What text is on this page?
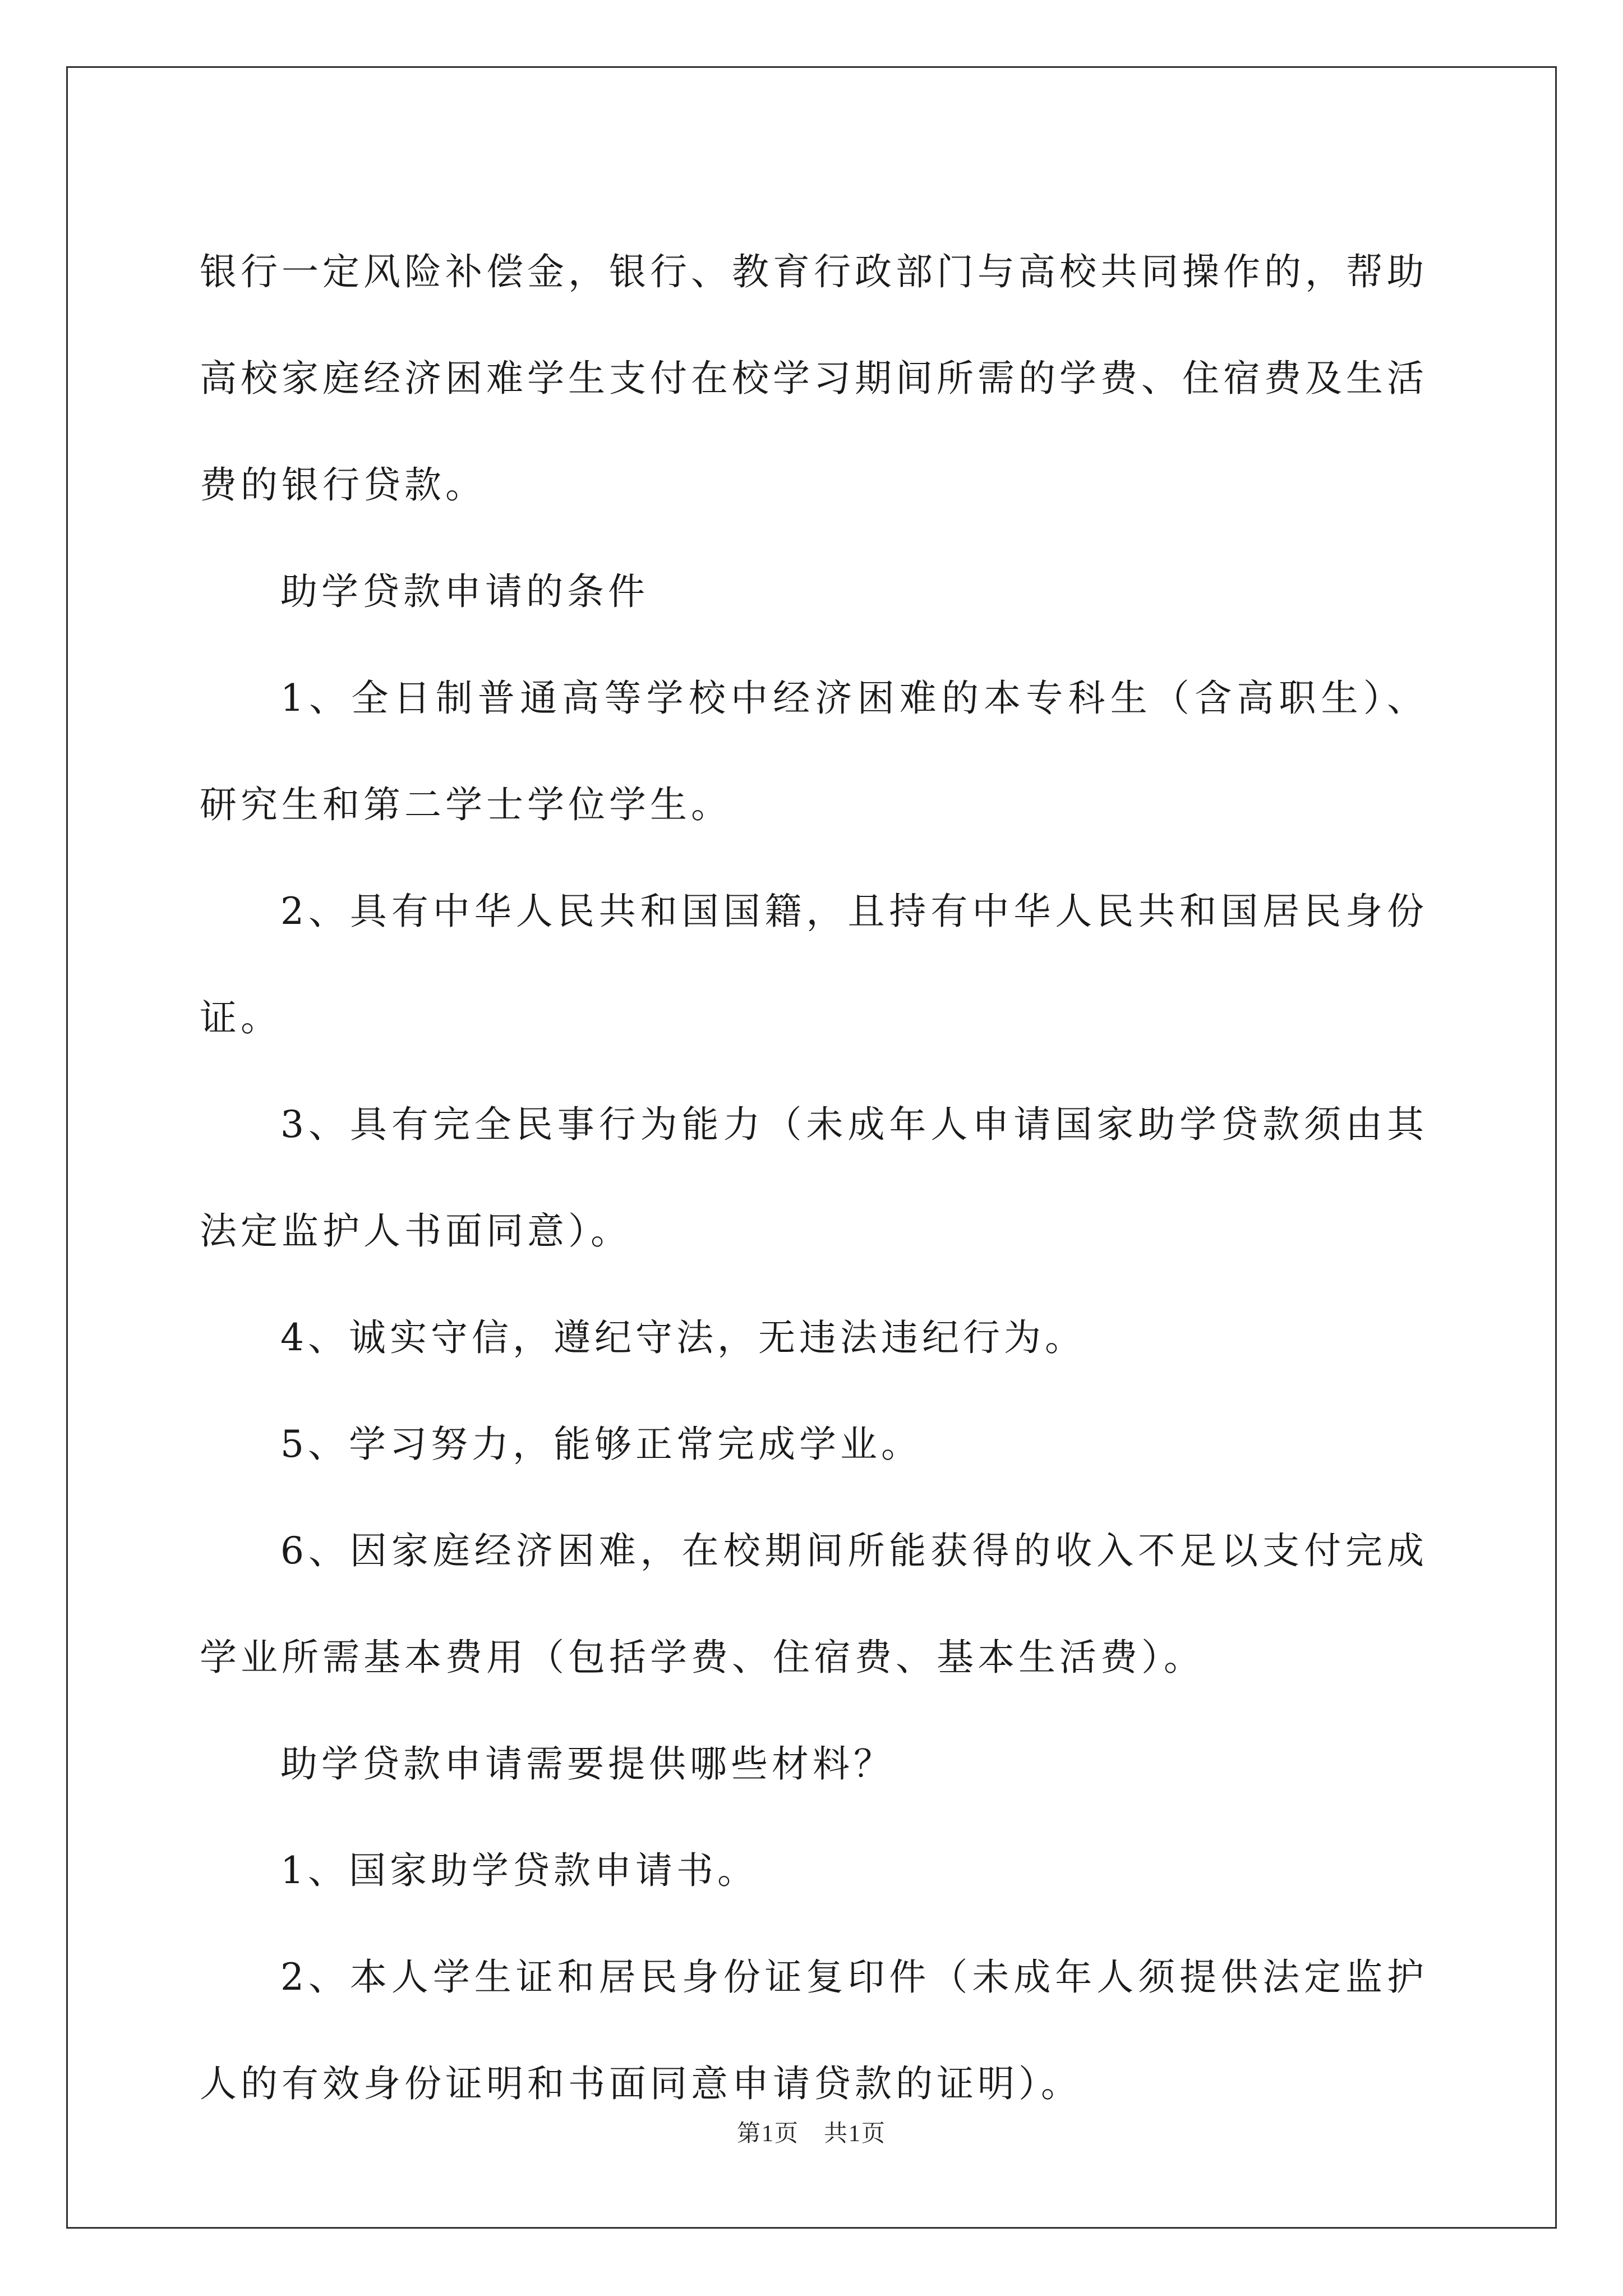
银行一定风险补偿金，银行、教育行政部门与高校共同操作的，帮助高校家庭经济困难学生支付在校学习期间所需的学费、住宿费及生活费的银行贷款。

助学贷款申请的条件

1、全日制普通高等学校中经济困难的本专科生（含高职生）、研究生和第二学士学位学生。

2、具有中华人民共和国国籍，且持有中华人民共和国居民身份证。

3、具有完全民事行为能力（未成年人申请国家助学贷款须由其法定监护人书面同意）。

4、诚实守信，遵纪守法，无违法违纪行为。

5、学习努力，能够正常完成学业。

6、因家庭经济困难，在校期间所能获得的收入不足以支付完成学业所需基本费用（包括学费、住宿费、基本生活费）。

助学贷款申请需要提供哪些材料？

1、国家助学贷款申请书。

2、本人学生证和居民身份证复印件（未成年人须提供法定监护人的有效身份证明和书面同意申请贷款的证明）。

第1页　共1页
